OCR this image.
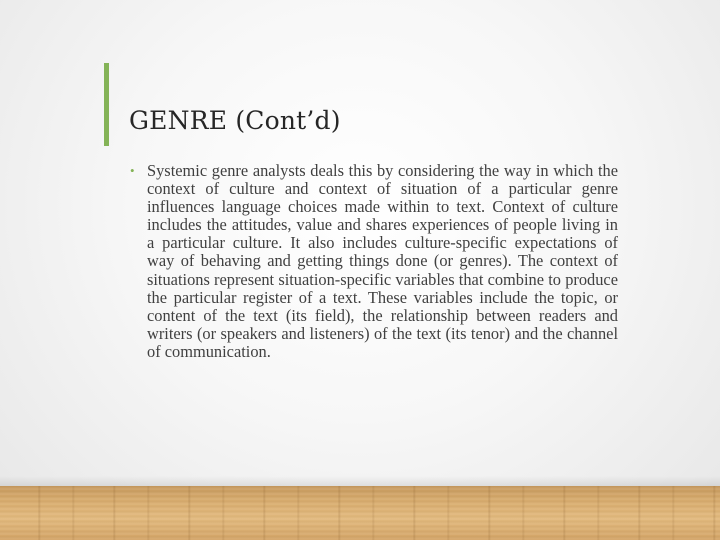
GENRE (Cont’d)
• Systemic genre analysts deals this by considering the way in which the context of culture and context of situation of a particular genre influences language choices made within to text. Context of culture includes the attitudes, value and shares experiences of people living in a particular culture. It also includes culture-specific expectations of way of behaving and getting things done (or genres). The context of situations represent situation-specific variables that combine to produce the particular register of a text. These variables include the topic, or content of the text (its field), the relationship between readers and writers (or speakers and listeners) of the text (its tenor) and the channel of communication.
